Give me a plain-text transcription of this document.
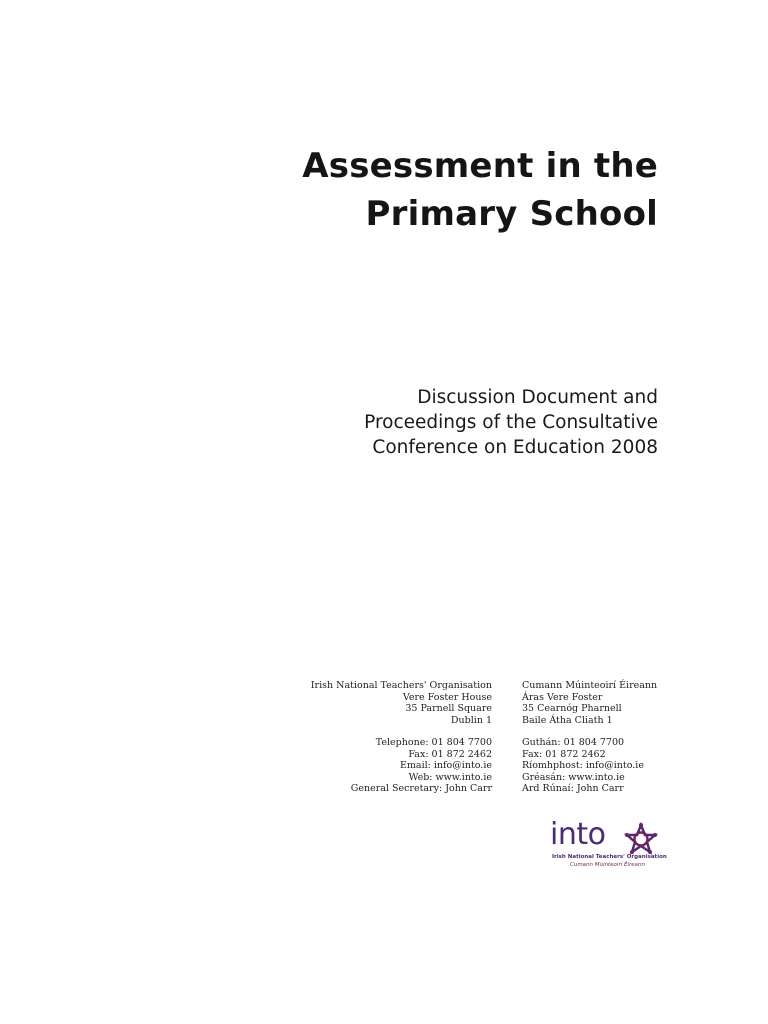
Assessment in the
Primary School
Discussion Document and
Proceedings of the Consultative
Conference on Education 2008
Irish National Teachers' Organisation
Vere Foster House
35 Parnell Square
Dublin 1
Telephone: 01 804 7700
Fax: 01 872 2462
Email: info@into.ie
Web: www.into.ie
General Secretary: John Carr
Cumann Múinteoirí Éireann
Áras Vere Foster
35 Cearnóg Pharnell
Baile Átha Cliath 1
Guthán: 01 804 7700
Fax: 01 872 2462
Ríomhphost: info@into.ie
Gréasán: www.into.ie
Ard Rúnaí: John Carr
into
Irish National Teachers' Organisation
Cumann Múinteoirí Éireann
